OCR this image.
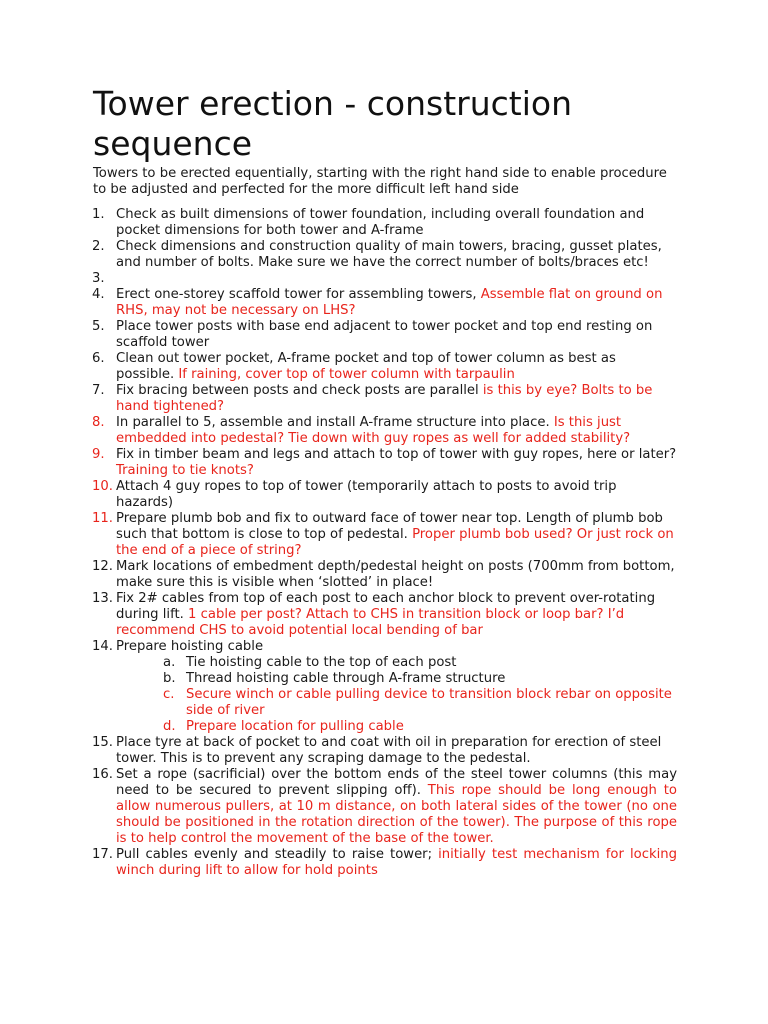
Tower erection - construction sequence

Towers to be erected equentially, starting with the right hand side to enable procedure to be adjusted and perfected for the more difficult left hand side

1. Check as built dimensions of tower foundation, including overall foundation and pocket dimensions for both tower and A-frame
2. Check dimensions and construction quality of main towers, bracing, gusset plates, and number of bolts. Make sure we have the correct number of bolts/braces etc!
3.
4. Erect one-storey scaffold tower for assembling towers, Assemble flat on ground on RHS, may not be necessary on LHS?
5. Place tower posts with base end adjacent to tower pocket and top end resting on scaffold tower
6. Clean out tower pocket, A-frame pocket and top of tower column as best as possible. If raining, cover top of tower column with tarpaulin
7. Fix bracing between posts and check posts are parallel is this by eye? Bolts to be hand tightened?
8. In parallel to 5, assemble and install A-frame structure into place. Is this just embedded into pedestal? Tie down with guy ropes as well for added stability?
9. Fix in timber beam and legs and attach to top of tower with guy ropes, here or later? Training to tie knots?
10. Attach 4 guy ropes to top of tower (temporarily attach to posts to avoid trip hazards)
11. Prepare plumb bob and fix to outward face of tower near top. Length of plumb bob such that bottom is close to top of pedestal. Proper plumb bob used? Or just rock on the end of a piece of string?
12. Mark locations of embedment depth/pedestal height on posts (700mm from bottom, make sure this is visible when ‘slotted’ in place!
13. Fix 2# cables from top of each post to each anchor block to prevent over-rotating during lift. 1 cable per post? Attach to CHS in transition block or loop bar? I’d recommend CHS to avoid potential local bending of bar
14. Prepare hoisting cable
a. Tie hoisting cable to the top of each post
b. Thread hoisting cable through A-frame structure
c. Secure winch or cable pulling device to transition block rebar on opposite side of river
d. Prepare location for pulling cable
15. Place tyre at back of pocket to and coat with oil in preparation for erection of steel tower. This is to prevent any scraping damage to the pedestal.
16. Set a rope (sacrificial) over the bottom ends of the steel tower columns (this may need to be secured to prevent slipping off). This rope should be long enough to allow numerous pullers, at 10 m distance, on both lateral sides of the tower (no one should be positioned in the rotation direction of the tower). The purpose of this rope is to help control the movement of the base of the tower.
17. Pull cables evenly and steadily to raise tower; initially test mechanism for locking winch during lift to allow for hold points
